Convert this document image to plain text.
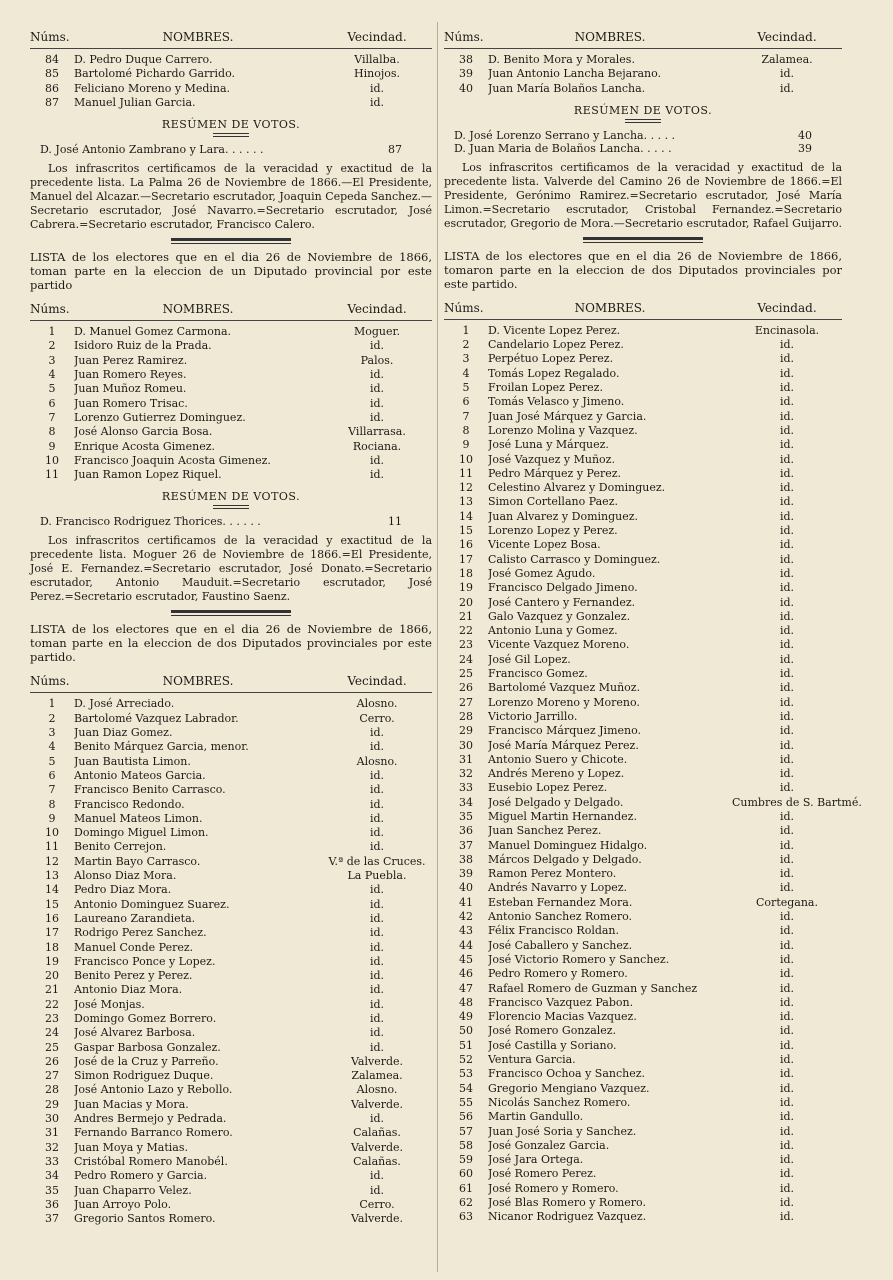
Núms.	NOMBRES.	Vecindad.
84	D. Pedro Duque Carrero.	Villalba.
85	Bartolomé Pichardo Garrido.	Hinojos.
86	Feliciano Moreno y Medina.	id.
87	Manuel Julian Garcia.	id.
RESÚMEN DE VOTOS.
D. José Antonio Zambrano y Lara. . . . . .	87

Los infrascritos certificamos de la veracidad y exactitud de la precedente lista. La Palma 26 de Noviembre de 1866.—El Presidente, Manuel del Alcazar.—Secretario escrutador, Joaquin Cepeda Sanchez.—Secretario escrutador, José Navarro.=Secretario escrutador, José Cabrera.=Secretario escrutador, Francisco Calero.

LISTA de los electores que en el dia 26 de Noviembre de 1866, toman parte en la eleccion de un Diputado provincial por este partido

Núms.	NOMBRES.	Vecindad.
1	D. Manuel Gomez Carmona.	Moguer.
2	Isidoro Ruiz de la Prada.	id.
3	Juan Perez Ramirez.	Palos.
4	Juan Romero Reyes.	id.
5	Juan Muñoz Romeu.	id.
6	Juan Romero Trisac.	id.
7	Lorenzo Gutierrez Dominguez.	id.
8	José Alonso Garcia Bosa.	Villarrasa.
9	Enrique Acosta Gimenez.	Rociana.
10	Francisco Joaquin Acosta Gimenez.	id.
11	Juan Ramon Lopez Riquel.	id.
RESÚMEN DE VOTOS.
D. Francisco Rodriguez Thorices. . . . . .	11

Los infrascritos certificamos de la veracidad y exactitud de la precedente lista. Moguer 26 de Noviembre de 1866.=El Presidente, José E. Fernandez.=Secretario escrutador, José Donato.=Secretario escrutador, Antonio Mauduit.=Secretario escrutador, José Perez.=Secretario escrutador, Faustino Saenz.

LISTA de los electores que en el dia 26 de Noviembre de 1866, toman parte en la eleccion de dos Diputados provinciales por este partido.

Núms.	NOMBRES.	Vecindad.
1	D. José Arreciado.	Alosno.
2	Bartolomé Vazquez Labrador.	Cerro.
3	Juan Diaz Gomez.	id.
4	Benito Márquez Garcia, menor.	id.
5	Juan Bautista Limon.	Alosno.
6	Antonio Mateos Garcia.	id.
7	Francisco Benito Carrasco.	id.
8	Francisco Redondo.	id.
9	Manuel Mateos Limon.	id.
10	Domingo Miguel Limon.	id.
11	Benito Cerrejon.	id.
12	Martin Bayo Carrasco.	V.ª de las Cruces.
13	Alonso Diaz Mora.	La Puebla.
14	Pedro Diaz Mora.	id.
15	Antonio Dominguez Suarez.	id.
16	Laureano Zarandieta.	id.
17	Rodrigo Perez Sanchez.	id.
18	Manuel Conde Perez.	id.
19	Francisco Ponce y Lopez.	id.
20	Benito Perez y Perez.	id.
21	Antonio Diaz Mora.	id.
22	José Monjas.	id.
23	Domingo Gomez Borrero.	id.
24	José Alvarez Barbosa.	id.
25	Gaspar Barbosa Gonzalez.	id.
26	José de la Cruz y Parreño.	Valverde.
27	Simon Rodriguez Duque.	Zalamea.
28	José Antonio Lazo y Rebollo.	Alosno.
29	Juan Macias y Mora.	Valverde.
30	Andres Bermejo y Pedrada.	id.
31	Fernando Barranco Romero.	Calañas.
32	Juan Moya y Matias.	Valverde.
33	Cristóbal Romero Manobél.	Calañas.
34	Pedro Romero y Garcia.	id.
35	Juan Chaparro Velez.	id.
36	Juan Arroyo Polo.	Cerro.
37	Gregorio Santos Romero.	Valverde.
Núms.	NOMBRES.	Vecindad.
38	D. Benito Mora y Morales.	Zalamea.
39	Juan Antonio Lancha Bejarano.	id.
40	Juan María Bolaños Lancha.	id.
RESÚMEN DE VOTOS.
D. José Lorenzo Serrano y Lancha. . . . .	40
D. Juan Maria de Bolaños Lancha. . . . .	39

Los infrascritos certificamos de la veracidad y exactitud de la precedente lista. Valverde del Camino 26 de Noviembre de 1866.=El Presidente, Gerónimo Ramirez.=Secretario escrutador, José María Limon.=Secretario escrutador, Cristobal Fernandez.=Secretario escrutador, Gregorio de Mora.—Secretario escrutador, Rafael Guijarro.

LISTA de los electores que en el dia 26 de Noviembre de 1866, tomaron parte en la eleccion de dos Diputados provinciales por este partido.

Núms.	NOMBRES.	Vecindad.
1	D. Vicente Lopez Perez.	Encinasola.
2	Candelario Lopez Perez.	id.
3	Perpétuo Lopez Perez.	id.
4	Tomás Lopez Regalado.	id.
5	Froilan Lopez Perez.	id.
6	Tomás Velasco y Jimeno.	id.
7	Juan José Márquez y Garcia.	id.
8	Lorenzo Molina y Vazquez.	id.
9	José Luna y Márquez.	id.
10	José Vazquez y Muñoz.	id.
11	Pedro Márquez y Perez.	id.
12	Celestino Alvarez y Dominguez.	id.
13	Simon Cortellano Paez.	id.
14	Juan Alvarez y Dominguez.	id.
15	Lorenzo Lopez y Perez.	id.
16	Vicente Lopez Bosa.	id.
17	Calisto Carrasco y Dominguez.	id.
18	José Gomez Agudo.	id.
19	Francisco Delgado Jimeno.	id.
20	José Cantero y Fernandez.	id.
21	Galo Vazquez y Gonzalez.	id.
22	Antonio Luna y Gomez.	id.
23	Vicente Vazquez Moreno.	id.
24	José Gil Lopez.	id.
25	Francisco Gomez.	id.
26	Bartolomé Vazquez Muñoz.	id.
27	Lorenzo Moreno y Moreno.	id.
28	Victorio Jarrillo.	id.
29	Francisco Márquez Jimeno.	id.
30	José María Márquez Perez.	id.
31	Antonio Suero y Chicote.	id.
32	Andrés Mereno y Lopez.	id.
33	Eusebio Lopez Perez.	id.
34	José Delgado y Delgado.	Cumbres de S. Bartmé.
35	Miguel Martin Hernandez.	id.
36	Juan Sanchez Perez.	id.
37	Manuel Dominguez Hidalgo.	id.
38	Márcos Delgado y Delgado.	id.
39	Ramon Perez Montero.	id.
40	Andrés Navarro y Lopez.	id.
41	Esteban Fernandez Mora.	Cortegana.
42	Antonio Sanchez Romero.	id.
43	Félix Francisco Roldan.	id.
44	José Caballero y Sanchez.	id.
45	José Victorio Romero y Sanchez.	id.
46	Pedro Romero y Romero.	id.
47	Rafael Romero de Guzman y Sanchez	id.
48	Francisco Vazquez Pabon.	id.
49	Florencio Macias Vazquez.	id.
50	José Romero Gonzalez.	id.
51	José Castilla y Soriano.	id.
52	Ventura Garcia.	id.
53	Francisco Ochoa y Sanchez.	id.
54	Gregorio Mengiano Vazquez.	id.
55	Nicolás Sanchez Romero.	id.
56	Martin Gandullo.	id.
57	Juan José Soria y Sanchez.	id.
58	José Gonzalez Garcia.	id.
59	José Jara Ortega.	id.
60	José Romero Perez.	id.
61	José Romero y Romero.	id.
62	José Blas Romero y Romero.	id.
63	Nicanor Rodriguez Vazquez.	id.
